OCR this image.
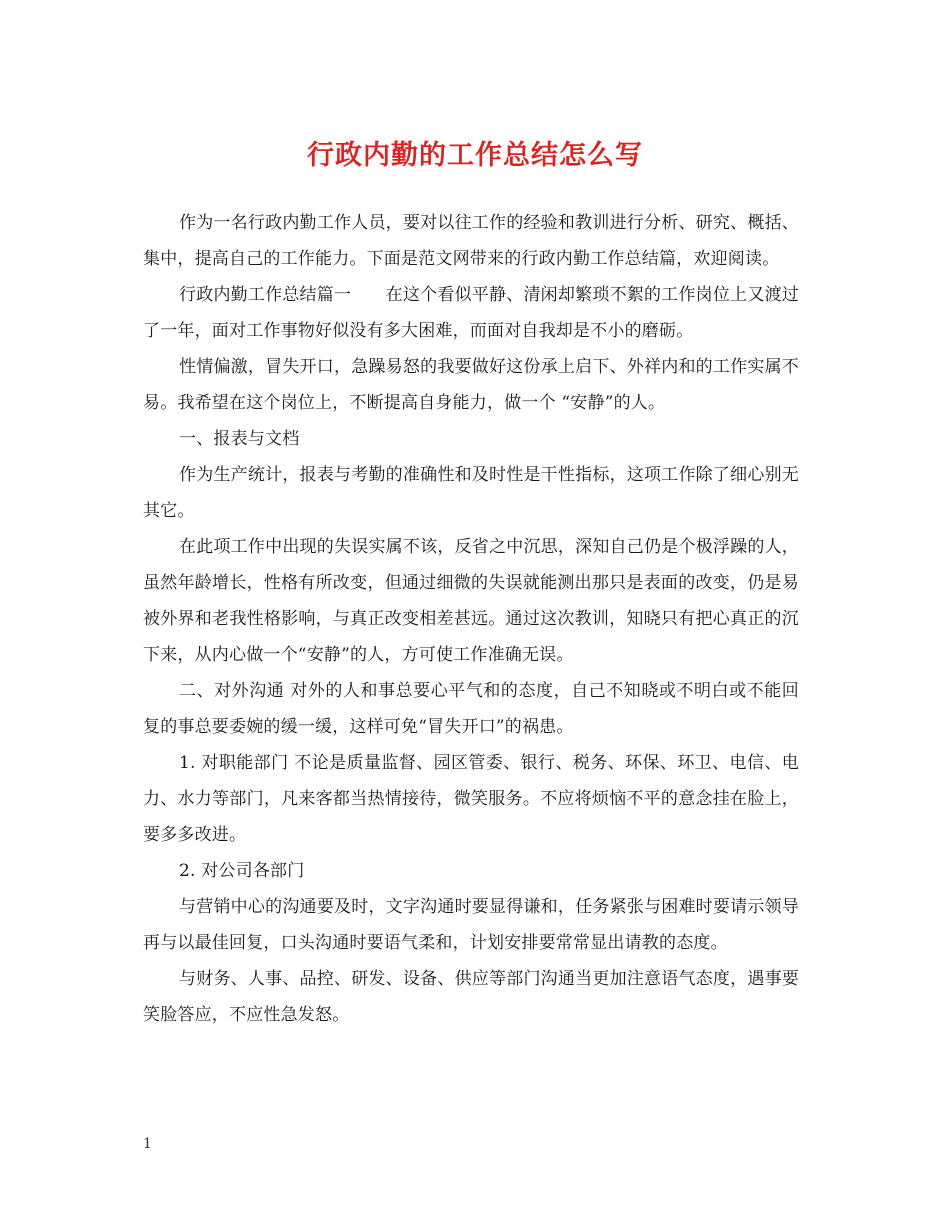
行政内勤的工作总结怎么写

作为一名行政内勤工作人员，要对以往工作的经验和教训进行分析、研究、概括、集中，提高自己的工作能力。下面是范文网带来的行政内勤工作总结篇，欢迎阅读。

行政内勤工作总结篇一　　在这个看似平静、清闲却繁琐不絮的工作岗位上又渡过了一年，面对工作事物好似没有多大困难，而面对自我却是不小的磨砺。

性情偏激，冒失开口，急躁易怒的我要做好这份承上启下、外祥内和的工作实属不易。我希望在这个岗位上，不断提高自身能力，做一个 “安静”的人。

一、报表与文档

作为生产统计，报表与考勤的准确性和及时性是干性指标，这项工作除了细心别无其它。

在此项工作中出现的失误实属不该，反省之中沉思，深知自己仍是个极浮躁的人，虽然年龄增长，性格有所改变，但通过细微的失误就能测出那只是表面的改变，仍是易被外界和老我性格影响，与真正改变相差甚远。通过这次教训，知晓只有把心真正的沉下来，从内心做一个“安静”的人，方可使工作准确无误。

二、对外沟通 对外的人和事总要心平气和的态度，自己不知晓或不明白或不能回复的事总要委婉的缓一缓，这样可免“冒失开口”的祸患。

1. 对职能部门 不论是质量监督、园区管委、银行、税务、环保、环卫、电信、电力、水力等部门，凡来客都当热情接待，微笑服务。不应将烦恼不平的意念挂在脸上，要多多改进。

2. 对公司各部门

与营销中心的沟通要及时，文字沟通时要显得谦和，任务紧张与困难时要请示领导再与以最佳回复，口头沟通时要语气柔和，计划安排要常常显出请教的态度。

与财务、人事、品控、研发、设备、供应等部门沟通当更加注意语气态度，遇事要笑脸答应，不应性急发怒。

1
